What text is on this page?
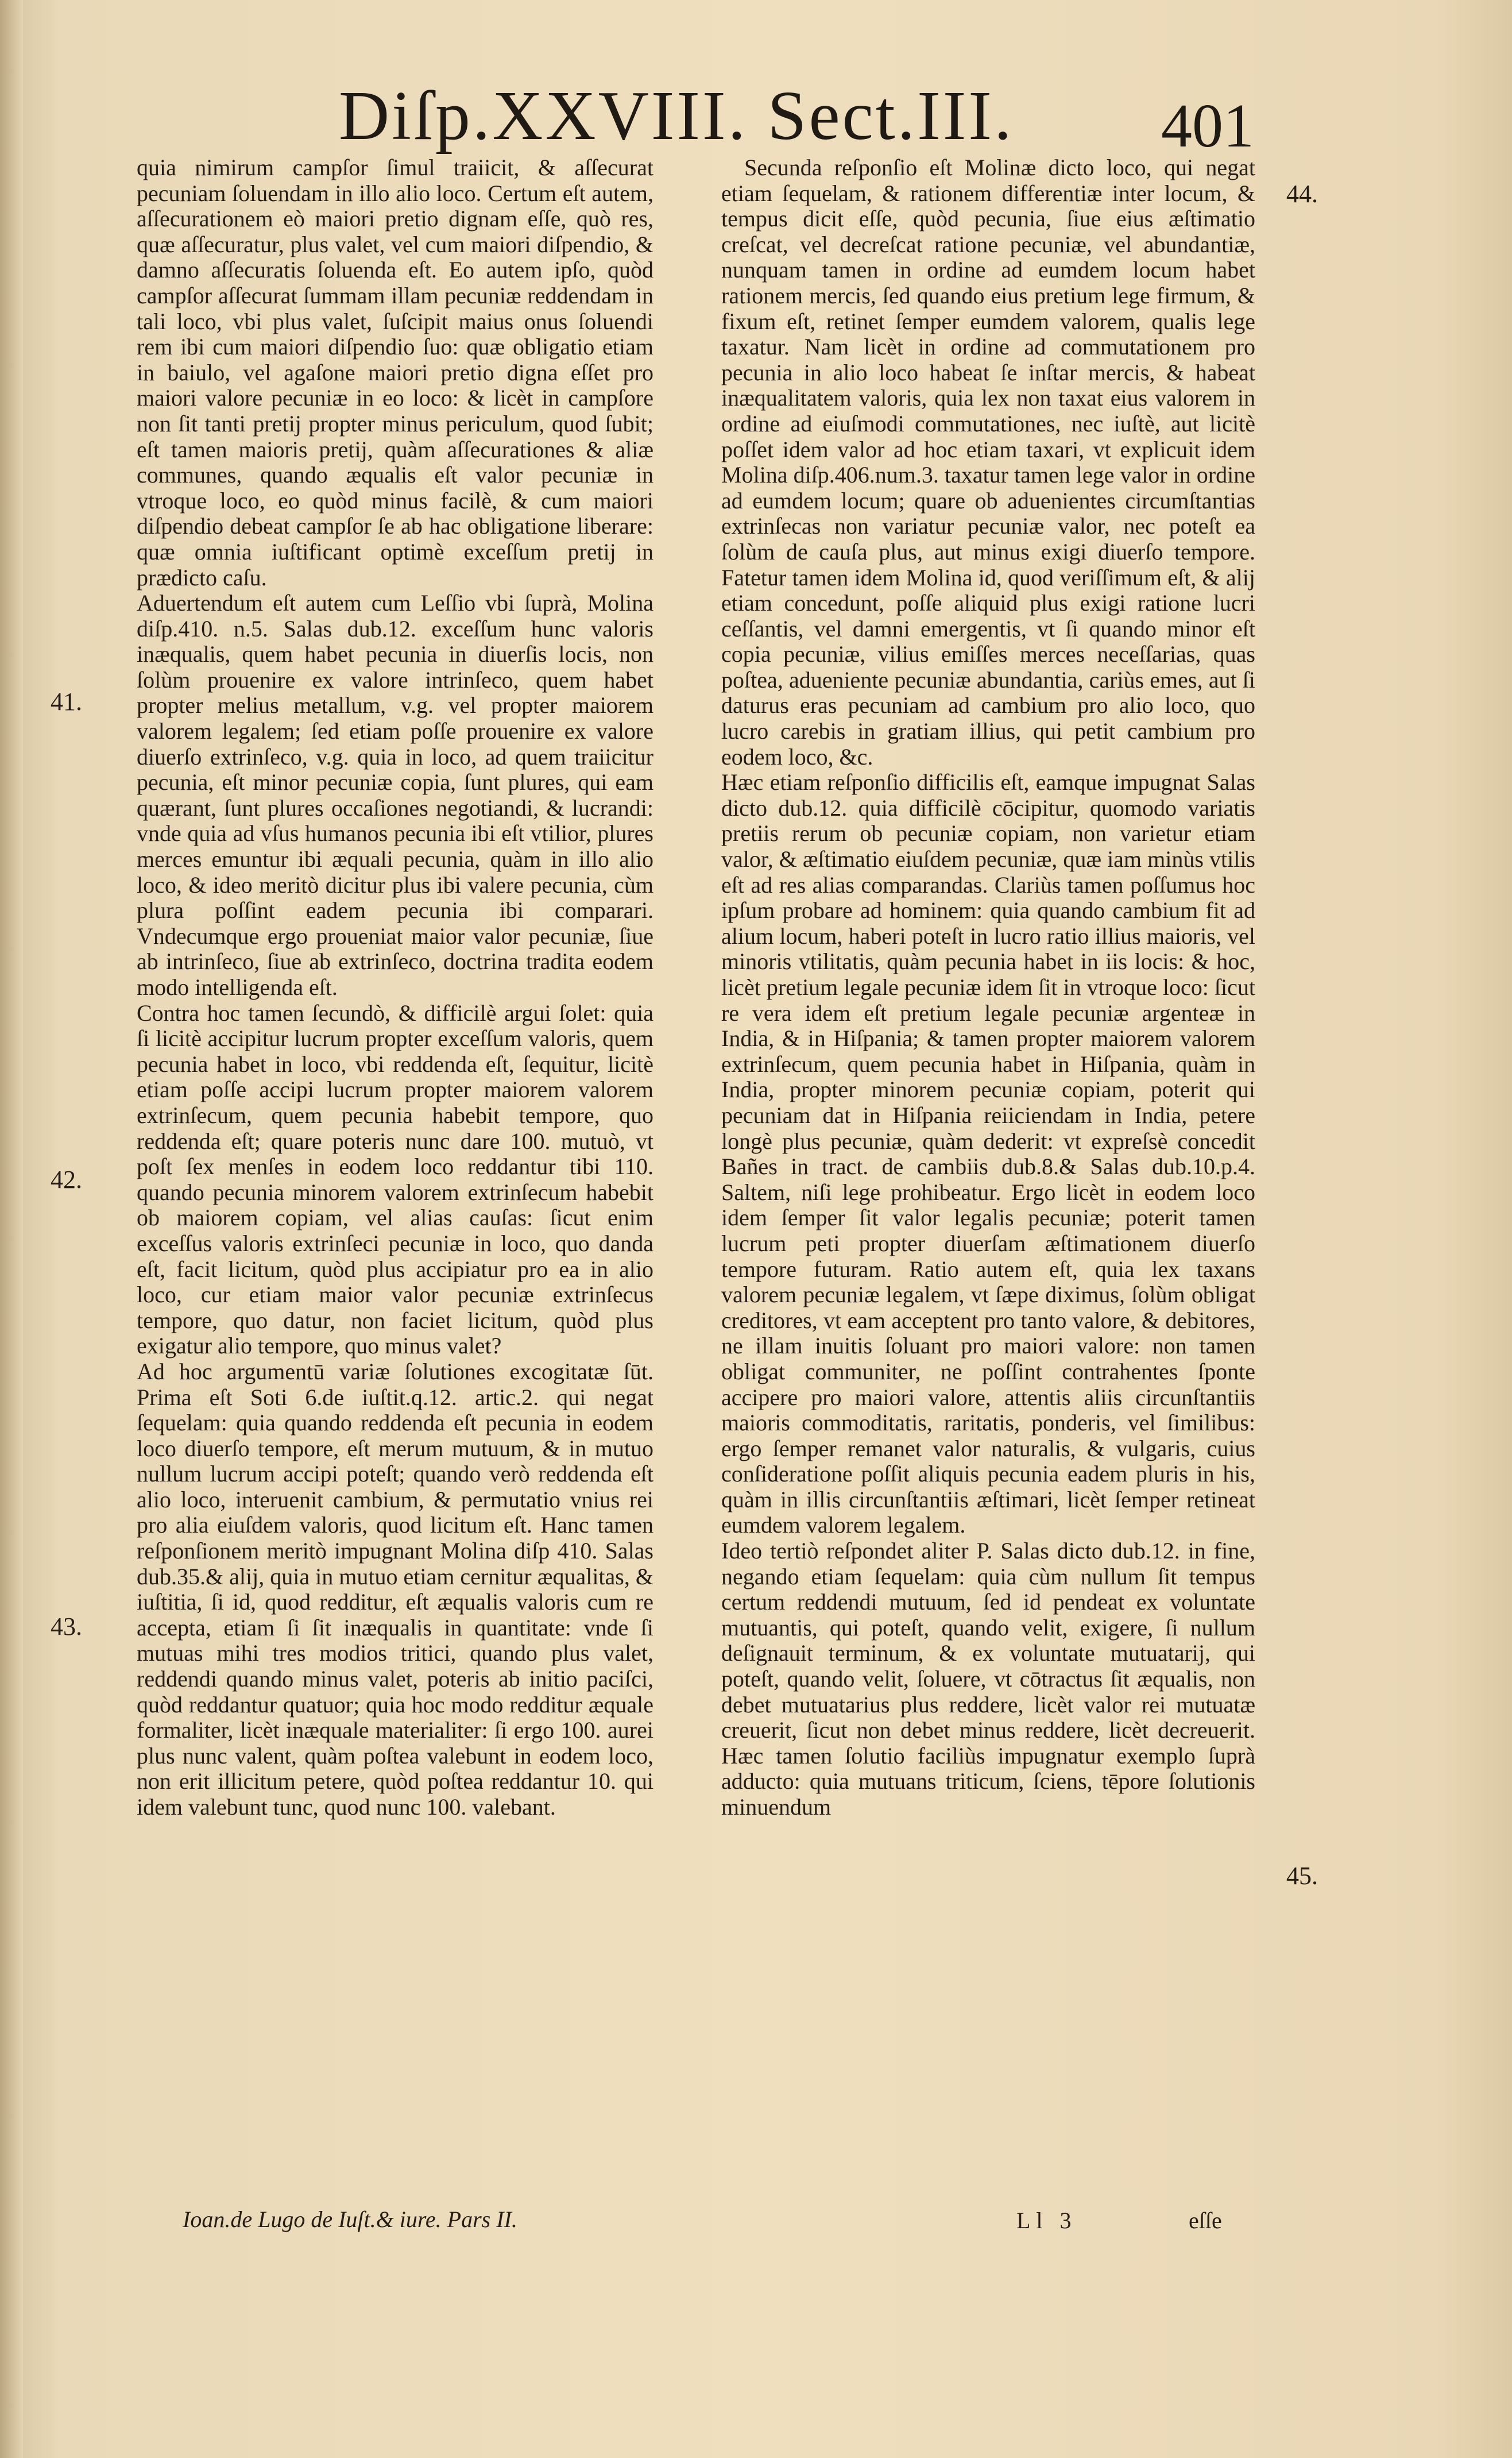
Diſp.XXVIII. Sect.III. 401
41.
42.
43.
44.
45.

quia nimirum campſor ſimul traiicit, & aſſecurat pecuniam ſoluendam in illo alio loco. Certum eſt autem, aſſecurationem eò maiori pretio dignam eſſe, quò res, quæ aſſecuratur, plus valet, vel cum maiori diſpendio, & damno aſſecuratis ſoluenda eſt. Eo autem ipſo, quòd campſor aſſecurat ſummam illam pecuniæ reddendam in tali loco, vbi plus valet, ſuſcipit maius onus ſoluendi rem ibi cum maiori diſpendio ſuo: quæ obligatio etiam in baiulo, vel agaſone maiori pretio digna eſſet pro maiori valore pecuniæ in eo loco: & licèt in campſore non ſit tanti pretij propter minus periculum, quod ſubit; eſt tamen maioris pretij, quàm aſſecurationes & aliæ communes, quando æqualis eſt valor pecuniæ in vtroque loco, eo quòd minus facilè, & cum maiori diſpendio debeat campſor ſe ab hac obligatione liberare: quæ omnia iuſtificant optimè exceſſum pretij in prædicto caſu.

Aduertendum eſt autem cum Leſſio vbi ſuprà, Molina diſp.410. n.5. Salas dub.12. exceſſum hunc valoris inæqualis, quem habet pecunia in diuerſis locis, non ſolùm prouenire ex valore intrinſeco, quem habet propter melius metallum, v.g. vel propter maiorem valorem legalem; ſed etiam poſſe prouenire ex valore diuerſo extrinſeco, v.g. quia in loco, ad quem traiicitur pecunia, eſt minor pecuniæ copia, ſunt plures, qui eam quærant, ſunt plures occaſiones negotiandi, & lucrandi: vnde quia ad vſus humanos pecunia ibi eſt vtilior, plures merces emuntur ibi æquali pecunia, quàm in illo alio loco, & ideo meritò dicitur plus ibi valere pecunia, cùm plura poſſint eadem pecunia ibi comparari. Vndecumque ergo proueniat maior valor pecuniæ, ſiue ab intrinſeco, ſiue ab extrinſeco, doctrina tradita eodem modo intelligenda eſt.

Contra hoc tamen ſecundò, & difficilè argui ſolet: quia ſi licitè accipitur lucrum propter exceſſum valoris, quem pecunia habet in loco, vbi reddenda eſt, ſequitur, licitè etiam poſſe accipi lucrum propter maiorem valorem extrinſecum, quem pecunia habebit tempore, quo reddenda eſt; quare poteris nunc dare 100. mutuò, vt poſt ſex menſes in eodem loco reddantur tibi 110. quando pecunia minorem valorem extrinſecum habebit ob maiorem copiam, vel alias cauſas: ſicut enim exceſſus valoris extrinſeci pecuniæ in loco, quo danda eſt, facit licitum, quòd plus accipiatur pro ea in alio loco, cur etiam maior valor pecuniæ extrinſecus tempore, quo datur, non faciet licitum, quòd plus exigatur alio tempore, quo minus valet?

Ad hoc argumentū variæ ſolutiones excogitatæ ſūt. Prima eſt Soti 6.de iuſtit.q.12. artic.2. qui negat ſequelam: quia quando reddenda eſt pecunia in eodem loco diuerſo tempore, eſt merum mutuum, & in mutuo nullum lucrum accipi poteſt; quando verò reddenda eſt alio loco, interuenit cambium, & permutatio vnius rei pro alia eiuſdem valoris, quod licitum eſt. Hanc tamen reſponſionem meritò impugnant Molina diſp 410. Salas dub.35.& alij, quia in mutuo etiam cernitur æqualitas, & iuſtitia, ſi id, quod redditur, eſt æqualis valoris cum re accepta, etiam ſi ſit inæqualis in quantitate: vnde ſi mutuas mihi tres modios tritici, quando plus valet, reddendi quando minus valet, poteris ab initio paciſci, quòd reddantur quatuor; quia hoc modo redditur æquale formaliter, licèt inæquale materialiter: ſi ergo 100. aurei plus nunc valent, quàm poſtea valebunt in eodem loco, non erit illicitum petere, quòd poſtea reddantur 10. qui idem valebunt tunc, quod nunc 100. valebant.

Secunda reſponſio eſt Molinæ dicto loco, qui negat etiam ſequelam, & rationem differentiæ inter locum, & tempus dicit eſſe, quòd pecunia, ſiue eius æſtimatio creſcat, vel decreſcat ratione pecuniæ, vel abundantiæ, nunquam tamen in ordine ad eumdem locum habet rationem mercis, ſed quando eius pretium lege firmum, & fixum eſt, retinet ſemper eumdem valorem, qualis lege taxatur. Nam licèt in ordine ad commutationem pro pecunia in alio loco habeat ſe inſtar mercis, & habeat inæqualitatem valoris, quia lex non taxat eius valorem in ordine ad eiuſmodi commutationes, nec iuſtè, aut licitè poſſet idem valor ad hoc etiam taxari, vt explicuit idem Molina diſp.406.num.3. taxatur tamen lege valor in ordine ad eumdem locum; quare ob aduenientes circumſtantias extrinſecas non variatur pecuniæ valor, nec poteſt ea ſolùm de cauſa plus, aut minus exigi diuerſo tempore. Fatetur tamen idem Molina id, quod veriſſimum eſt, & alij etiam concedunt, poſſe aliquid plus exigi ratione lucri ceſſantis, vel damni emergentis, vt ſi quando minor eſt copia pecuniæ, vilius emiſſes merces neceſſarias, quas poſtea, adueniente pecuniæ abundantia, cariùs emes, aut ſi daturus eras pecuniam ad cambium pro alio loco, quo lucro carebis in gratiam illius, qui petit cambium pro eodem loco, &c.

Hæc etiam reſponſio difficilis eſt, eamque impugnat Salas dicto dub.12. quia difficilè cōcipitur, quomodo variatis pretiis rerum ob pecuniæ copiam, non varietur etiam valor, & æſtimatio eiuſdem pecuniæ, quæ iam minùs vtilis eſt ad res alias comparandas. Clariùs tamen poſſumus hoc ipſum probare ad hominem: quia quando cambium fit ad alium locum, haberi poteſt in lucro ratio illius maioris, vel minoris vtilitatis, quàm pecunia habet in iis locis: & hoc, licèt pretium legale pecuniæ idem ſit in vtroque loco: ſicut re vera idem eſt pretium legale pecuniæ argenteæ in India, & in Hiſpania; & tamen propter maiorem valorem extrinſecum, quem pecunia habet in Hiſpania, quàm in India, propter minorem pecuniæ copiam, poterit qui pecuniam dat in Hiſpania reiiciendam in India, petere longè plus pecuniæ, quàm dederit: vt expreſsè concedit Bañes in tract. de cambiis dub.8.& Salas dub.10.p.4. Saltem, niſi lege prohibeatur. Ergo licèt in eodem loco idem ſemper ſit valor legalis pecuniæ; poterit tamen lucrum peti propter diuerſam æſtimationem diuerſo tempore futuram. Ratio autem eſt, quia lex taxans valorem pecuniæ legalem, vt ſæpe diximus, ſolùm obligat creditores, vt eam acceptent pro tanto valore, & debitores, ne illam inuitis ſoluant pro maiori valore: non tamen obligat communiter, ne poſſint contrahentes ſponte accipere pro maiori valore, attentis aliis circunſtantiis maioris commoditatis, raritatis, ponderis, vel ſimilibus: ergo ſemper remanet valor naturalis, & vulgaris, cuius conſideratione poſſit aliquis pecunia eadem pluris in his, quàm in illis circunſtantiis æſtimari, licèt ſemper retineat eumdem valorem legalem.

Ideo tertiò reſpondet aliter P. Salas dicto dub.12. in fine, negando etiam ſequelam: quia cùm nullum ſit tempus certum reddendi mutuum, ſed id pendeat ex voluntate mutuantis, qui poteſt, quando velit, exigere, ſi nullum deſignauit terminum, & ex voluntate mutuatarij, qui poteſt, quando velit, ſoluere, vt cōtractus ſit æqualis, non debet mutuatarius plus reddere, licèt valor rei mutuatæ creuerit, ſicut non debet minus reddere, licèt decreuerit. Hæc tamen ſolutio faciliùs impugnatur exemplo ſuprà adducto: quia mutuans triticum, ſciens, tēpore ſolutionis minuendum

Ioan.de Lugo de Iuſt.& iure. Pars II.	Ll 3	eſſe
